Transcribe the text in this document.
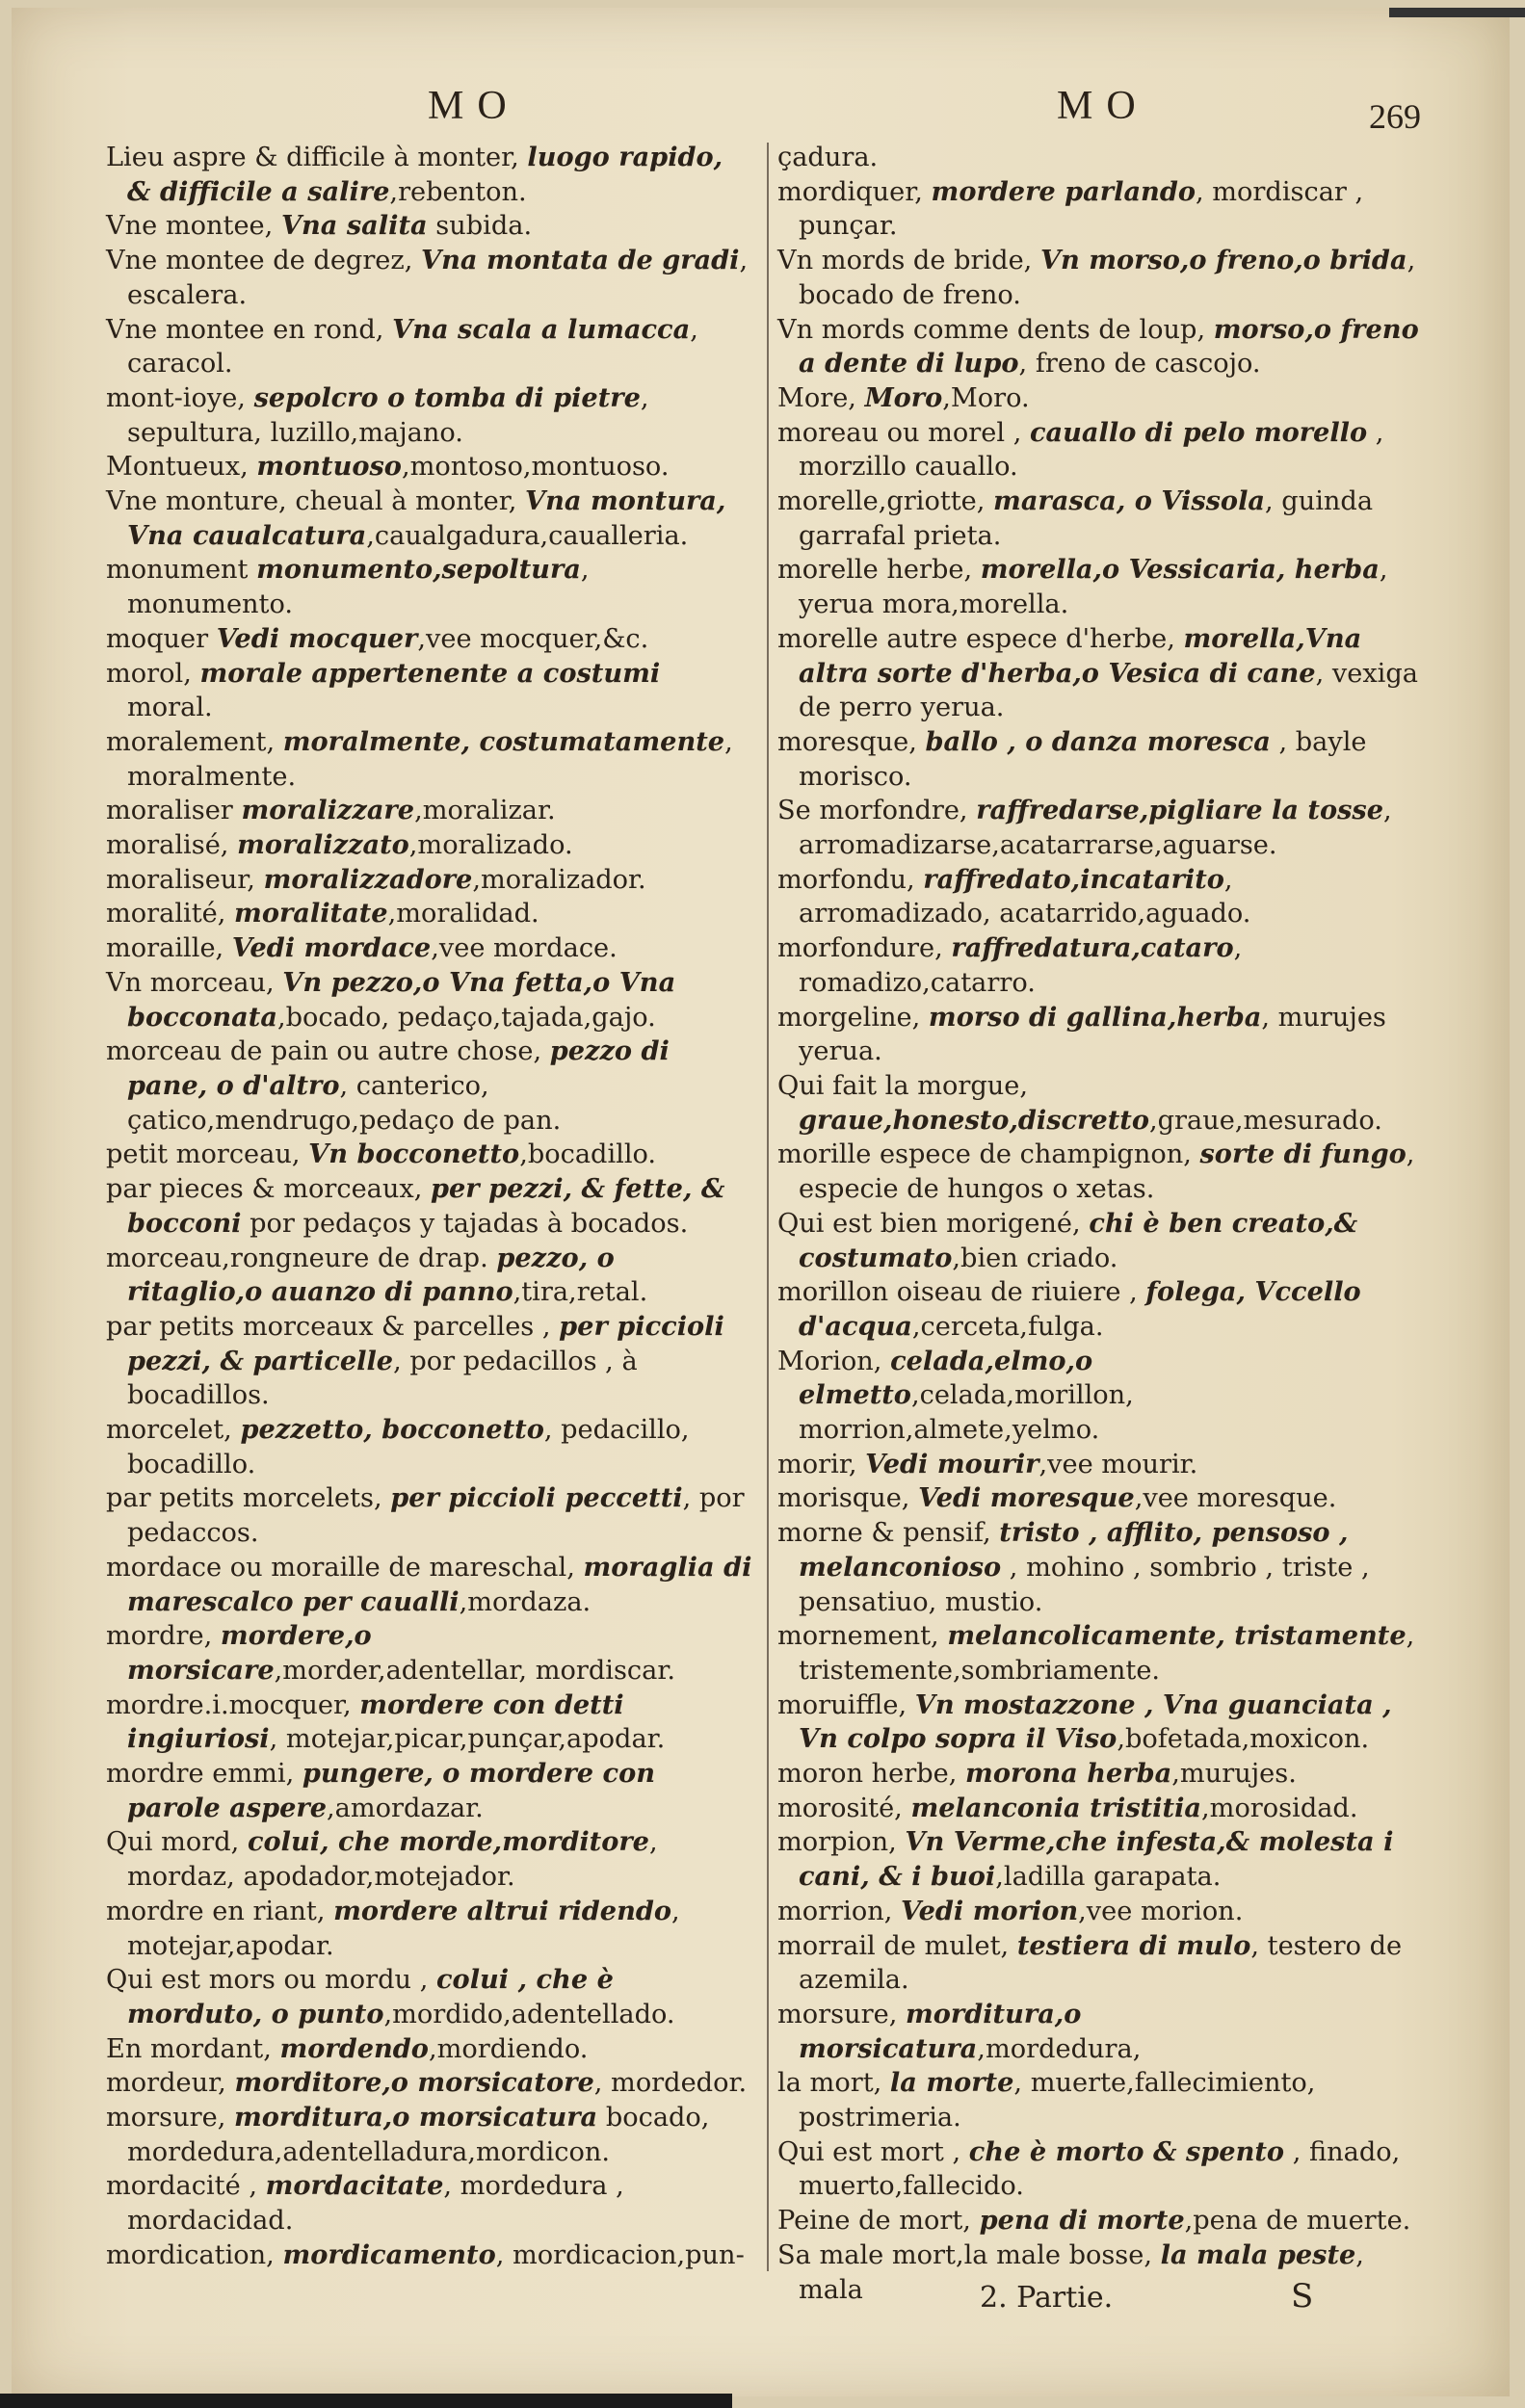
MO	MO	269

Lieu aspre & difficile à monter, luogo rapido, & difficile a salire,rebenton.

Vne montee, Vna salita subida.

Vne montee de degrez, Vna montata de gradi, escalera.

Vne montee en rond, Vna scala a lumacca, caracol.

mont-ioye, sepolcro o tomba di pietre, sepultura, luzillo,majano.

Montueux, montuoso,montoso,montuoso.

Vne monture, cheual à monter, Vna montura, Vna caualcatura,caualgadura,caualleria.

monument monumento,sepoltura, monumento.

moquer Vedi mocquer,vee mocquer,&c.

morol, morale appertenente a costumi moral.

moralement, moralmente, costumatamente, moralmente.

moraliser moralizzare,moralizar.

moralisé, moralizzato,moralizado.

moraliseur, moralizzadore,moralizador.

moralité, moralitate,moralidad.

moraille, Vedi mordace,vee mordace.

Vn morceau, Vn pezzo,o Vna fetta,o Vna bocconata,bocado, pedaço,tajada,gajo.

morceau de pain ou autre chose, pezzo di pane, o d'altro, canterico, çatico,mendrugo,pedaço de pan.

petit morceau, Vn bocconetto,bocadillo.

par pieces & morceaux, per pezzi, & fette, & bocconi por pedaços y tajadas à bocados.

morceau,rongneure de drap. pezzo, o ritaglio,o auanzo di panno,tira,retal.

par petits morceaux & parcelles , per piccioli pezzi, & particelle, por pedacillos , à bocadillos.

morcelet, pezzetto, bocconetto, pedacillo, bocadillo.

par petits morcelets, per piccioli peccetti, por pedaccos.

mordace ou moraille de mareschal, moraglia di marescalco per caualli,mordaza.

mordre, mordere,o morsicare,morder,adentellar, mordiscar.

mordre.i.mocquer, mordere con detti ingiuriosi, motejar,picar,punçar,apodar.

mordre emmi, pungere, o mordere con parole aspere,amordazar.

Qui mord, colui, che morde,morditore, mordaz, apodador,motejador.

mordre en riant, mordere altrui ridendo, motejar,apodar.

Qui est mors ou mordu , colui , che è morduto, o punto,mordido,adentellado.

En mordant, mordendo,mordiendo.

mordeur, morditore,o morsicatore, mordedor.

morsure, morditura,o morsicatura bocado, mordedura,adentelladura,mordicon.

mordacité , mordacitate, mordedura , mordacidad.

mordication, mordicamento, mordicacion,pun-

çadura.

mordiquer, mordere parlando, mordiscar , punçar.

Vn mords de bride, Vn morso,o freno,o brida, bocado de freno.

Vn mords comme dents de loup, morso,o freno a dente di lupo, freno de cascojo.

More, Moro,Moro.

moreau ou morel , cauallo di pelo morello , morzillo cauallo.

morelle,griotte, marasca, o Vissola, guinda garrafal prieta.

morelle herbe, morella,o Vessicaria, herba, yerua mora,morella.

morelle autre espece d'herbe, morella,Vna altra sorte d'herba,o Vesica di cane, vexiga de perro yerua.

moresque, ballo , o danza moresca , bayle morisco.

Se morfondre, raffredarse,pigliare la tosse, arromadizarse,acatarrarse,aguarse.

morfondu, raffredato,incatarito, arromadizado, acatarrido,aguado.

morfondure, raffredatura,cataro, romadizo,catarro.

morgeline, morso di gallina,herba, murujes yerua.

Qui fait la morgue, graue,honesto,discretto,graue,mesurado.

morille espece de champignon, sorte di fungo, especie de hungos o xetas.

Qui est bien morigené, chi è ben creato,& costumato,bien criado.

morillon oiseau de riuiere , folega, Vccello d'acqua,cerceta,fulga.

Morion, celada,elmo,o elmetto,celada,morillon, morrion,almete,yelmo.

morir, Vedi mourir,vee mourir.

morisque, Vedi moresque,vee moresque.

morne & pensif, tristo , afflito, pensoso , melanconioso , mohino , sombrio , triste , pensatiuo, mustio.

mornement, melancolicamente, tristamente, tristemente,sombriamente.

moruiffle, Vn mostazzone , Vna guanciata , Vn colpo sopra il Viso,bofetada,moxicon.

moron herbe, morona herba,murujes.

morosité, melanconia tristitia,morosidad.

morpion, Vn Verme,che infesta,& molesta i cani, & i buoi,ladilla garapata.

morrion, Vedi morion,vee morion.

morrail de mulet, testiera di mulo, testero de azemila.

morsure, morditura,o morsicatura,mordedura,

la mort, la morte, muerte,fallecimiento, postrimeria.

Qui est mort , che è morto & spento , finado, muerto,fallecido.

Peine de mort, pena di morte,pena de muerte.

Sa male mort,la male bosse, la mala peste, mala	2. Partie.	S
